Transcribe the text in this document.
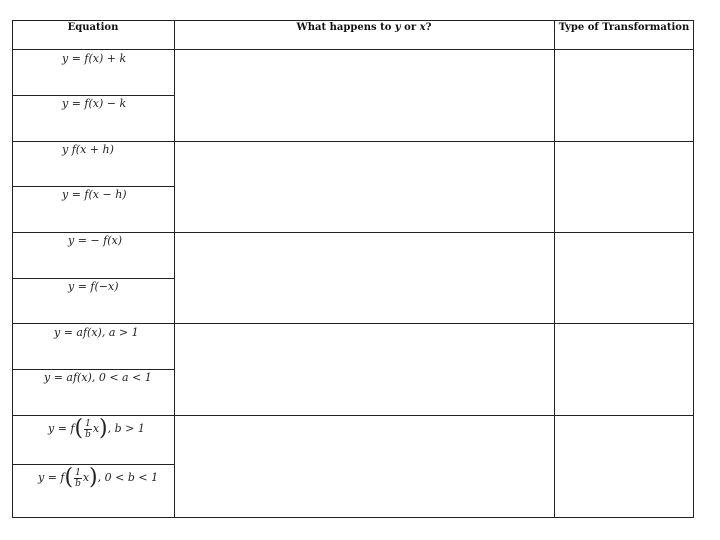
Equation	What happens to y or x?	Type of Transformation
y = f(x) + k
y = f(x) − k
y f(x + h)
y = f(x − h)
y = − f(x)
y = f(−x)
y = af(x), a > 1
y = af(x), 0 < a < 1
$y = f( \frac{1}{b} x)$, b > 1
$y = f( \frac{1}{b} x)$, 0 < b < 1
